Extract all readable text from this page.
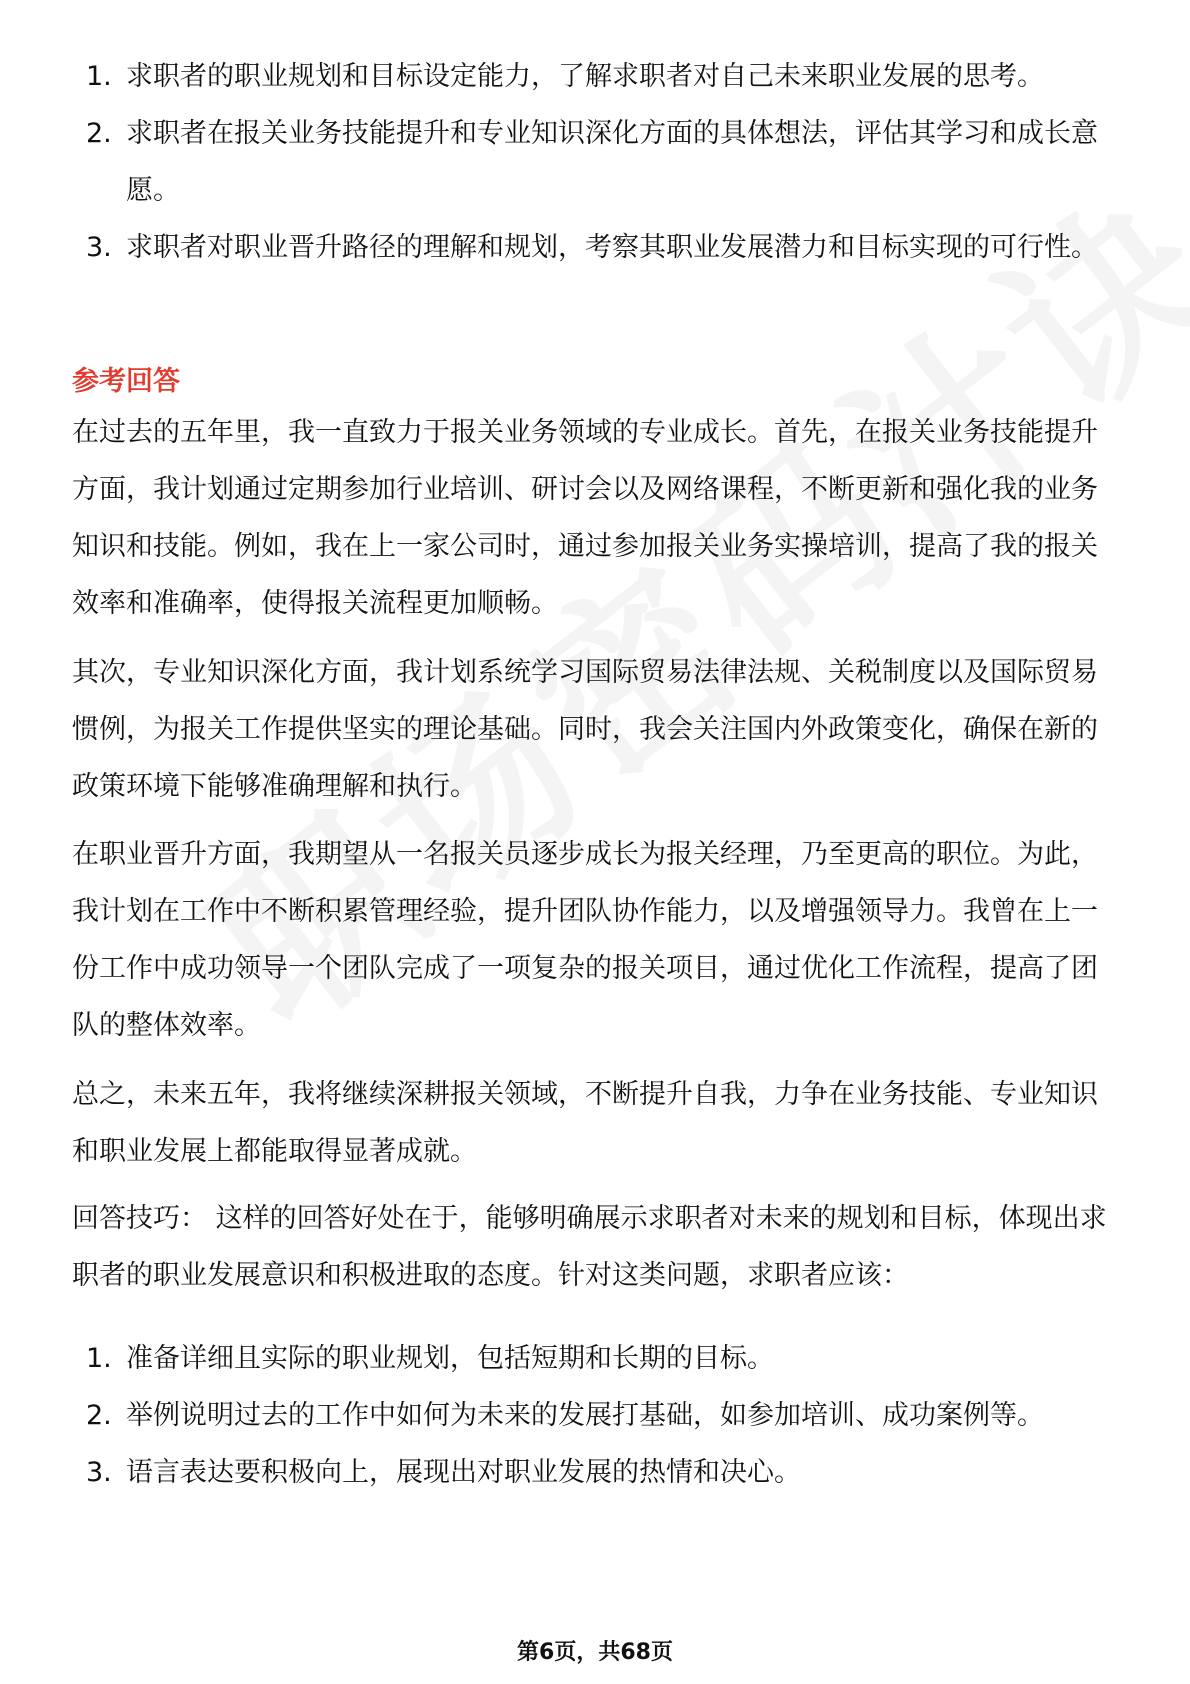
1. 求职者的职业规划和目标设定能力，了解求职者对自己未来职业发展的思考。
2. 求职者在报关业务技能提升和专业知识深化方面的具体想法，评估其学习和成长意愿。
3. 求职者对职业晋升路径的理解和规划，考察其职业发展潜力和目标实现的可行性。
参考回答

在过去的五年里，我一直致力于报关业务领域的专业成长。首先，在报关业务技能提升方面，我计划通过定期参加行业培训、研讨会以及网络课程，不断更新和强化我的业务知识和技能。例如，我在上一家公司时，通过参加报关业务实操培训，提高了我的报关效率和准确率，使得报关流程更加顺畅。

其次，专业知识深化方面，我计划系统学习国际贸易法律法规、关税制度以及国际贸易惯例，为报关工作提供坚实的理论基础。同时，我会关注国内外政策变化，确保在新的政策环境下能够准确理解和执行。

在职业晋升方面，我期望从一名报关员逐步成长为报关经理，乃至更高的职位。为此，我计划在工作中不断积累管理经验，提升团队协作能力，以及增强领导力。我曾在上一份工作中成功领导一个团队完成了一项复杂的报关项目，通过优化工作流程，提高了团队的整体效率。

总之，未来五年，我将继续深耕报关领域，不断提升自我，力争在业务技能、专业知识和职业发展上都能取得显著成就。

回答技巧： 这样的回答好处在于，能够明确展示求职者对未来的规划和目标，体现出求职者的职业发展意识和积极进取的态度。针对这类问题，求职者应该：

1. 准备详细且实际的职业规划，包括短期和长期的目标。
2. 举例说明过去的工作中如何为未来的发展打基础，如参加培训、成功案例等。
3. 语言表达要积极向上，展现出对职业发展的热情和决心。
第6页，共68页
